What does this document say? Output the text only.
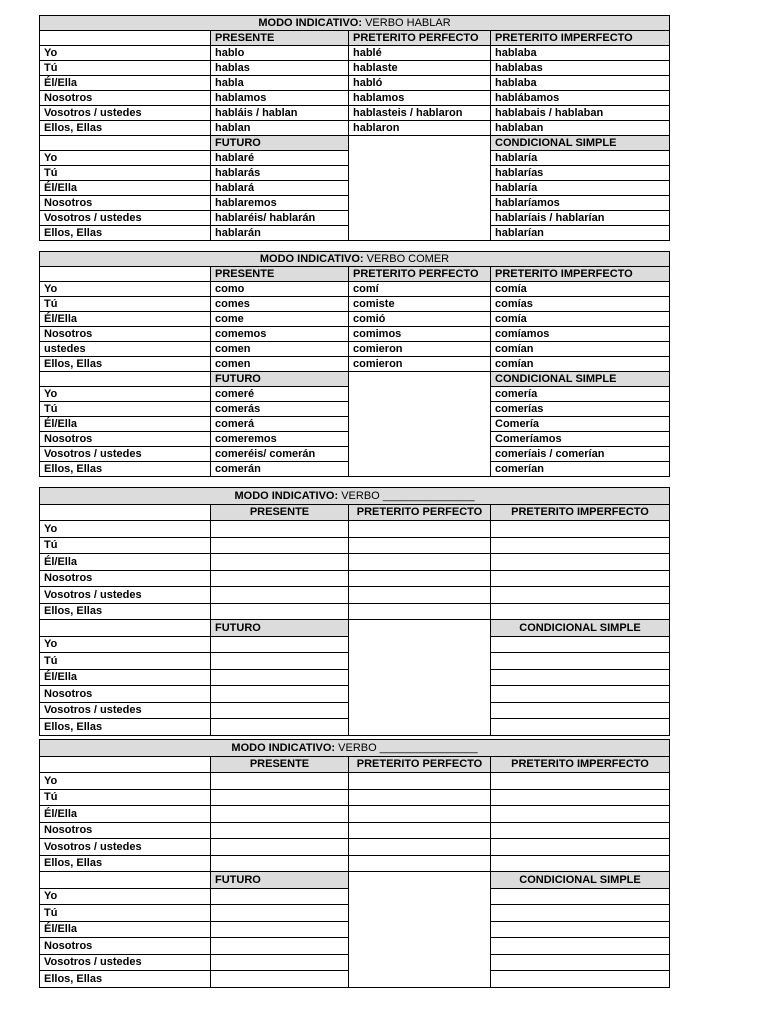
MODO INDICATIVO: VERBO HABLAR			
	PRESENTE	PRETERITO PERFECTO	PRETERITO IMPERFECTO
Yo	hablo	hablé	hablaba
Tú	hablas	hablaste	hablabas
Él/Ella	habla	habló	hablaba
Nosotros	hablamos	hablamos	hablábamos
Vosotros / ustedes	habláis / hablan	hablasteis / hablaron	hablabais / hablaban
Ellos, Ellas	hablan	hablaron	hablaban
	FUTURO		CONDICIONAL SIMPLE
Yo	hablaré		hablaría
Tú	hablarás		hablarías
Él/Ella	hablará		hablaría
Nosotros	hablaremos		hablaríamos
Vosotros / ustedes	hablaréis/ hablarán		hablaríais / hablarían
Ellos, Ellas	hablarán		hablarían
MODO INDICATIVO: VERBO COMER			
	PRESENTE	PRETERITO PERFECTO	PRETERITO IMPERFECTO
Yo	como	comí	comía
Tú	comes	comiste	comías
Él/Ella	come	comió	comía
Nosotros	comemos	comimos	comíamos
ustedes	comen	comieron	comían
Ellos, Ellas	comen	comieron	comían
	FUTURO		CONDICIONAL SIMPLE
Yo	comeré		comería
Tú	comerás		comerías
Él/Ella	comerá		Comería
Nosotros	comeremos		Comeríamos
Vosotros / ustedes	comeréis/ comerán		comeríais / comerían
Ellos, Ellas	comerán		comerían
MODO INDICATIVO: VERBO _______________			
	PRESENTE	PRETERITO PERFECTO	PRETERITO IMPERFECTO
Yo			
Tú			
Él/Ella			
Nosotros			
Vosotros / ustedes			
Ellos, Ellas			
	FUTURO		CONDICIONAL SIMPLE
Yo			
Tú			
Él/Ella			
Nosotros			
Vosotros / ustedes			
Ellos, Ellas			
MODO INDICATIVO: VERBO ________________			
	PRESENTE	PRETERITO PERFECTO	PRETERITO IMPERFECTO
Yo			
Tú			
Él/Ella			
Nosotros			
Vosotros / ustedes			
Ellos, Ellas			
	FUTURO		CONDICIONAL SIMPLE
Yo			
Tú			
Él/Ella			
Nosotros			
Vosotros / ustedes			
Ellos, Ellas			
